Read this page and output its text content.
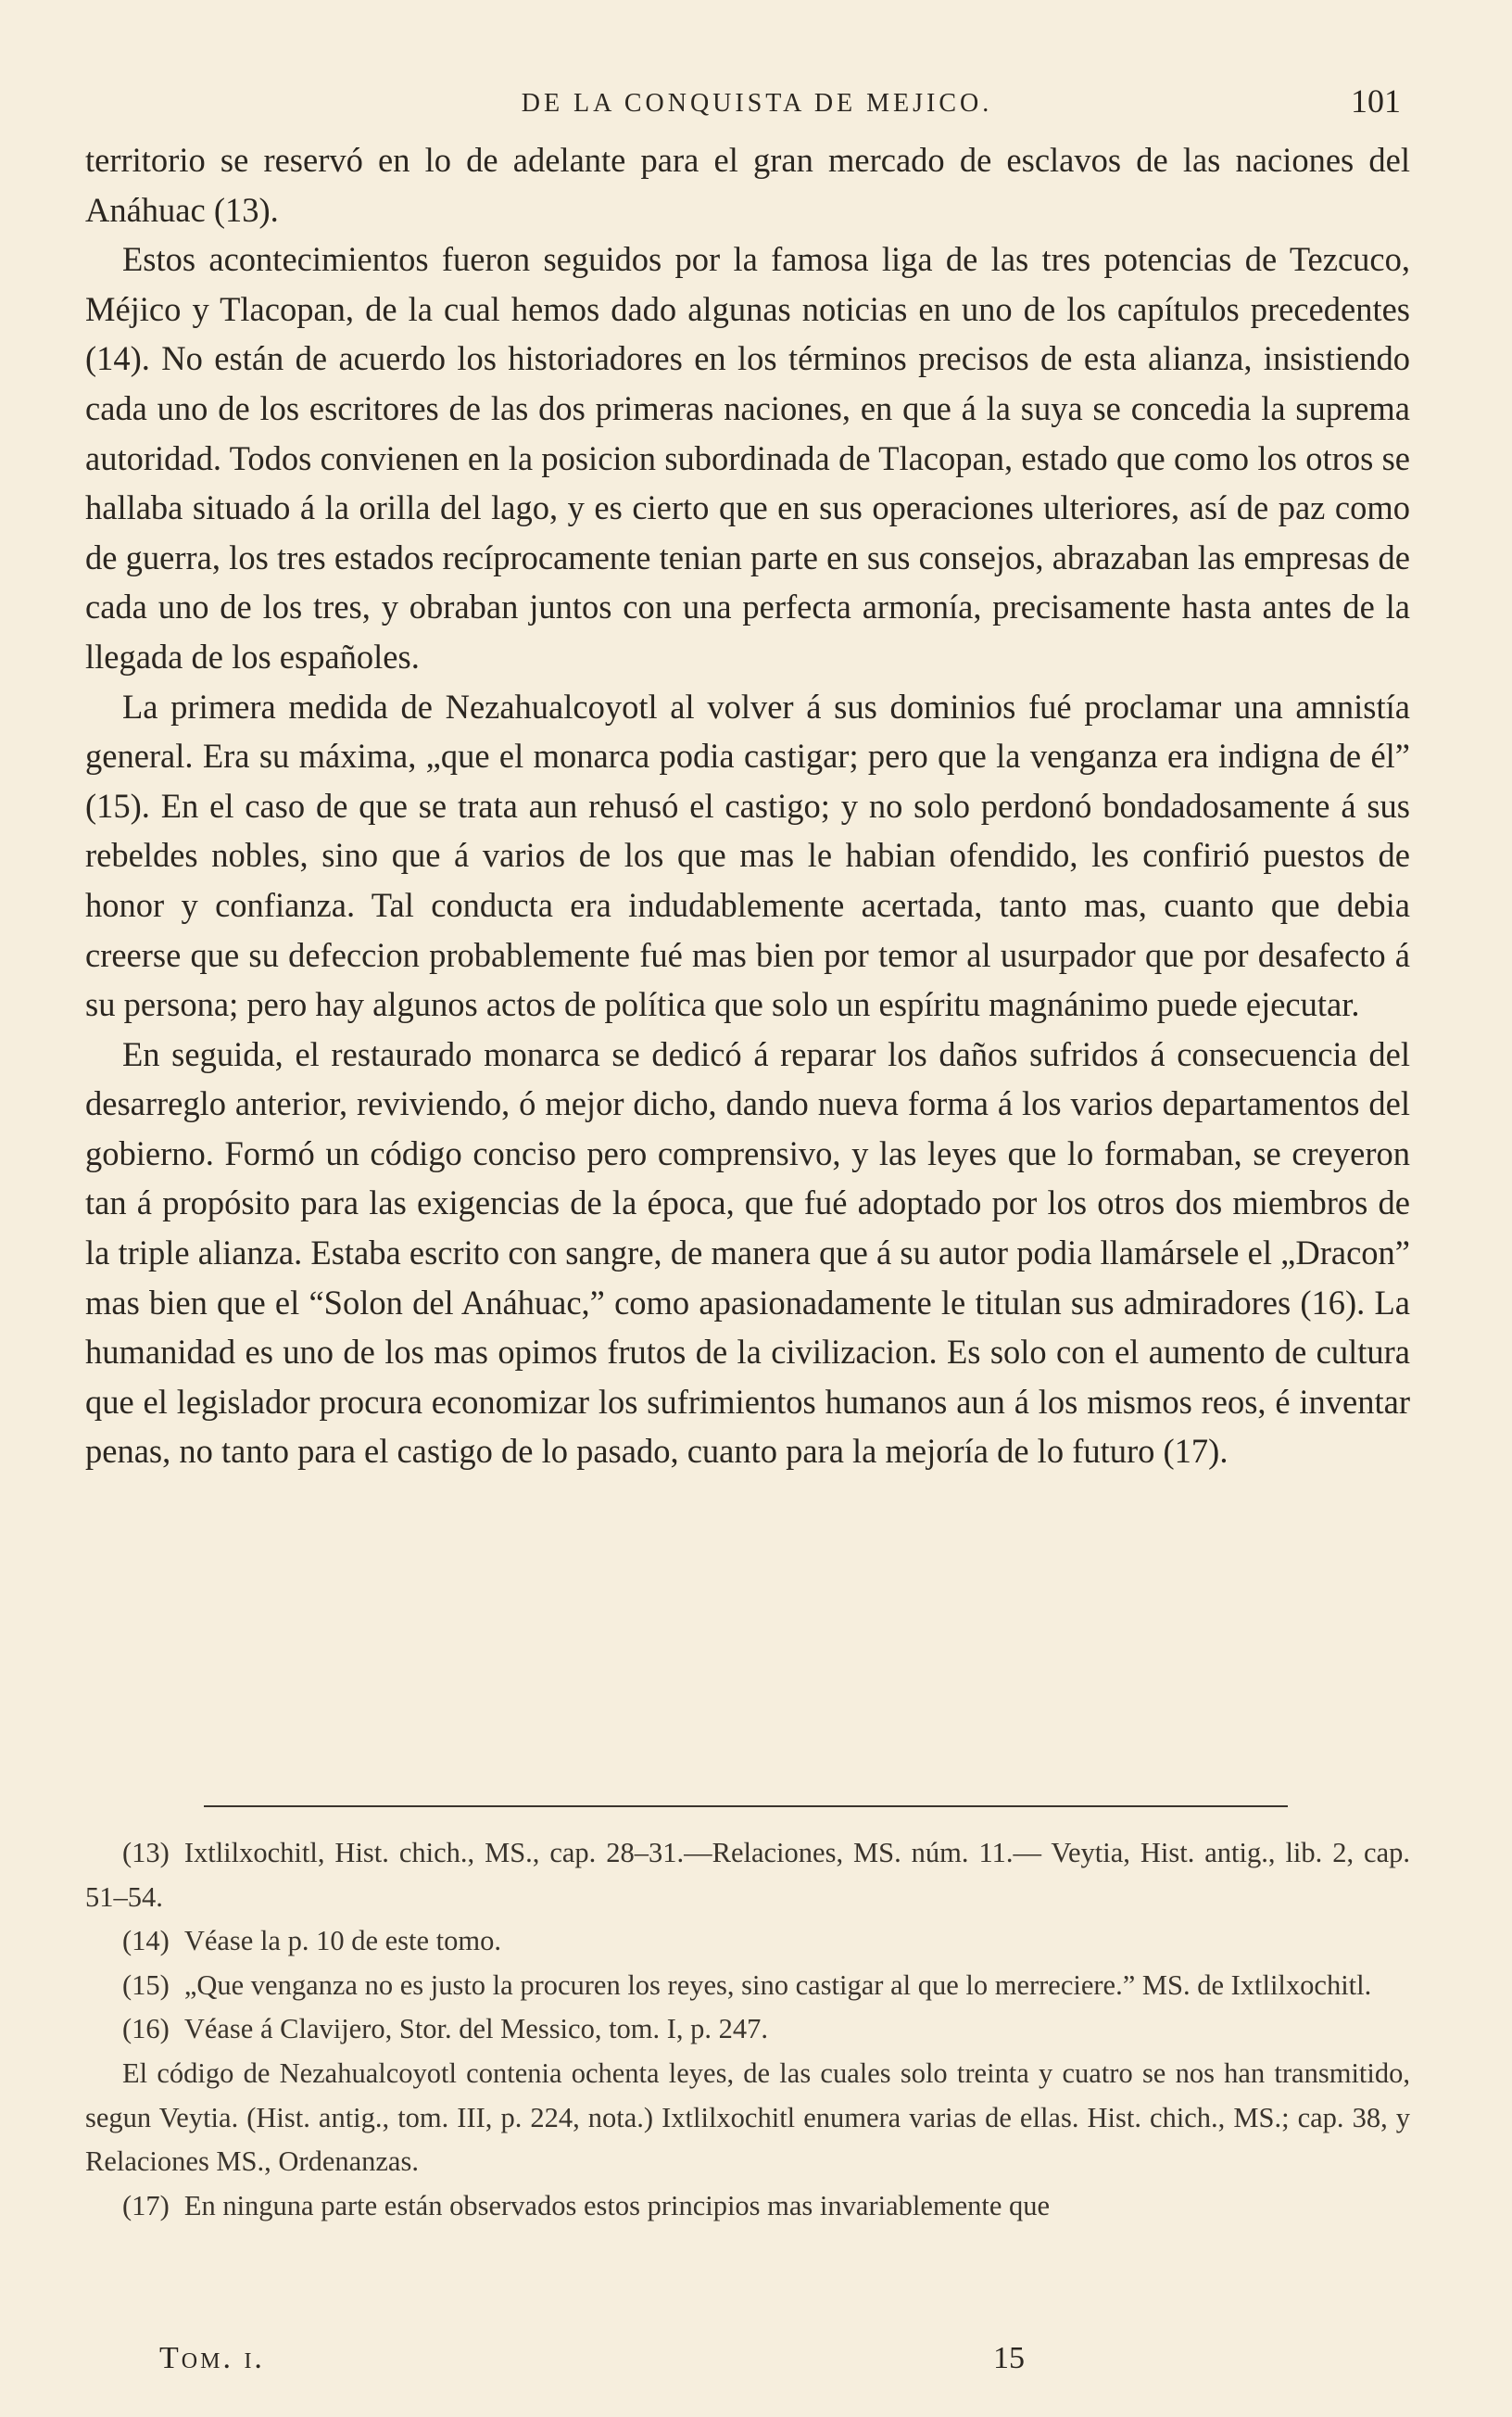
DE LA CONQUISTA DE MEJICO.	101

territorio se reservó en lo de adelante para el gran mercado de esclavos de las naciones del Anáhuac (13).

Estos acontecimientos fueron seguidos por la famosa liga de las tres potencias de Tezcuco, Méjico y Tlacopan, de la cual hemos dado algunas noticias en uno de los capítulos precedentes (14). No están de acuerdo los historiadores en los términos precisos de esta alianza, insistiendo cada uno de los escritores de las dos primeras naciones, en que á la suya se concedia la suprema autoridad. Todos convienen en la posicion subordinada de Tlacopan, estado que como los otros se hallaba situado á la orilla del lago, y es cierto que en sus operaciones ulteriores, así de paz como de guerra, los tres estados recíprocamente tenian parte en sus consejos, abrazaban las empresas de cada uno de los tres, y obraban juntos con una perfecta armonía, precisamente hasta antes de la llegada de los españoles.

La primera medida de Nezahualcoyotl al volver á sus dominios fué proclamar una amnistía general. Era su máxima, „que el monarca podia castigar; pero que la venganza era indigna de él” (15). En el caso de que se trata aun rehusó el castigo; y no solo perdonó bondadosamente á sus rebeldes nobles, sino que á varios de los que mas le habian ofendido, les confirió puestos de honor y confianza. Tal conducta era indudablemente acertada, tanto mas, cuanto que debia creerse que su defeccion probablemente fué mas bien por temor al usurpador que por desafecto á su persona; pero hay algunos actos de política que solo un espíritu magnánimo puede ejecutar.

En seguida, el restaurado monarca se dedicó á reparar los daños sufridos á consecuencia del desarreglo anterior, reviviendo, ó mejor dicho, dando nueva forma á los varios departamentos del gobierno. Formó un código conciso pero comprensivo, y las leyes que lo formaban, se creyeron tan á propósito para las exigencias de la época, que fué adoptado por los otros dos miembros de la triple alianza. Estaba escrito con sangre, de manera que á su autor podia llamársele el „Dracon” mas bien que el “Solon del Anáhuac,” como apasionadamente le titulan sus admiradores (16). La humanidad es uno de los mas opimos frutos de la civilizacion. Es solo con el aumento de cultura que el legislador procura economizar los sufrimientos humanos aun á los mismos reos, é inventar penas, no tanto para el castigo de lo pasado, cuanto para la mejoría de lo futuro (17).

(13) Ixtlilxochitl, Hist. chich., MS., cap. 28–31.—Relaciones, MS. núm. 11.— Veytia, Hist. antig., lib. 2, cap. 51–54.

(14) Véase la p. 10 de este tomo.

(15) „Que venganza no es justo la procuren los reyes, sino castigar al que lo merreciere.” MS. de Ixtlilxochitl.

(16) Véase á Clavijero, Stor. del Messico, tom. I, p. 247.

El código de Nezahualcoyotl contenia ochenta leyes, de las cuales solo treinta y cuatro se nos han transmitido, segun Veytia. (Hist. antig., tom. III, p. 224, nota.) Ixtlilxochitl enumera varias de ellas. Hist. chich., MS.; cap. 38, y Relaciones MS., Ordenanzas.

(17) En ninguna parte están observados estos principios mas invariablemente que

Tom. i.	15
